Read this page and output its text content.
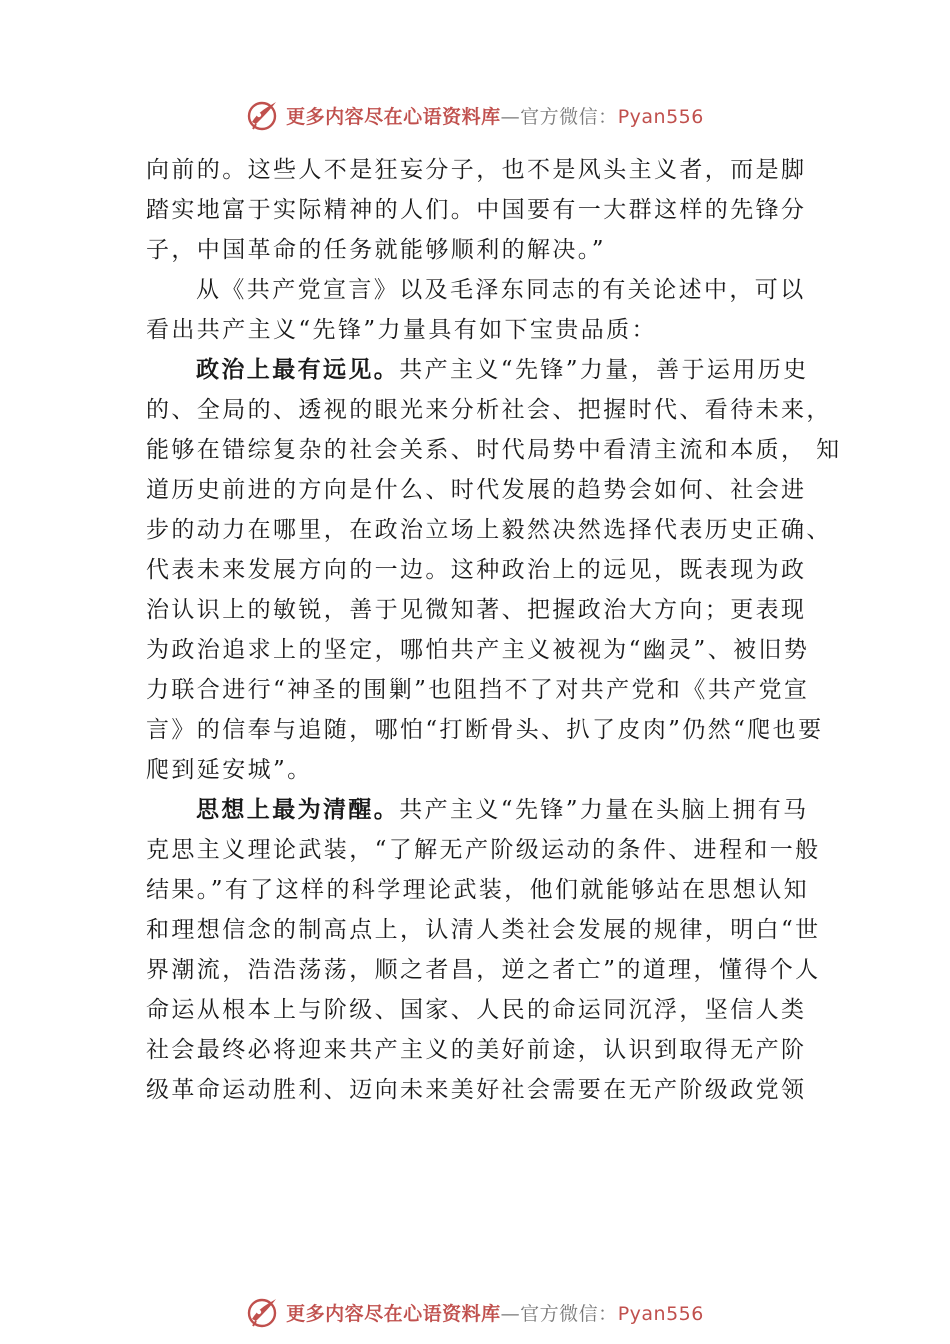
更多内容尽在心语资料库—官方微信：Pyan556
向前的。这些人不是狂妄分子，也不是风头主义者，而是脚
踏实地富于实际精神的人们。中国要有一大群这样的先锋分
子，中国革命的任务就能够顺利的解决。”
从《共产党宣言》以及毛泽东同志的有关论述中，可以
看出共产主义“先锋”力量具有如下宝贵品质：
政治上最有远见。共产主义“先锋”力量，善于运用历史
的、全局的、透视的眼光来分析社会、把握时代、看待未来，
能够在错综复杂的社会关系、时代局势中看清主流和本质， 知
道历史前进的方向是什么、时代发展的趋势会如何、社会进
步的动力在哪里，在政治立场上毅然决然选择代表历史正确、
代表未来发展方向的一边。这种政治上的远见，既表现为政
治认识上的敏锐，善于见微知著、把握政治大方向；更表现
为政治追求上的坚定，哪怕共产主义被视为“幽灵”、被旧势
力联合进行“神圣的围剿”也阻挡不了对共产党和《共产党宣
言》的信奉与追随，哪怕“打断骨头、扒了皮肉”仍然“爬也要
爬到延安城”。
思想上最为清醒。共产主义“先锋”力量在头脑上拥有马
克思主义理论武装，“了解无产阶级运动的条件、进程和一般
结果。”有了这样的科学理论武装，他们就能够站在思想认知
和理想信念的制高点上，认清人类社会发展的规律，明白“世
界潮流，浩浩荡荡，顺之者昌，逆之者亡”的道理，懂得个人
命运从根本上与阶级、国家、人民的命运同沉浮，坚信人类
社会最终必将迎来共产主义的美好前途，认识到取得无产阶
级革命运动胜利、迈向未来美好社会需要在无产阶级政党领
更多内容尽在心语资料库—官方微信：Pyan556
